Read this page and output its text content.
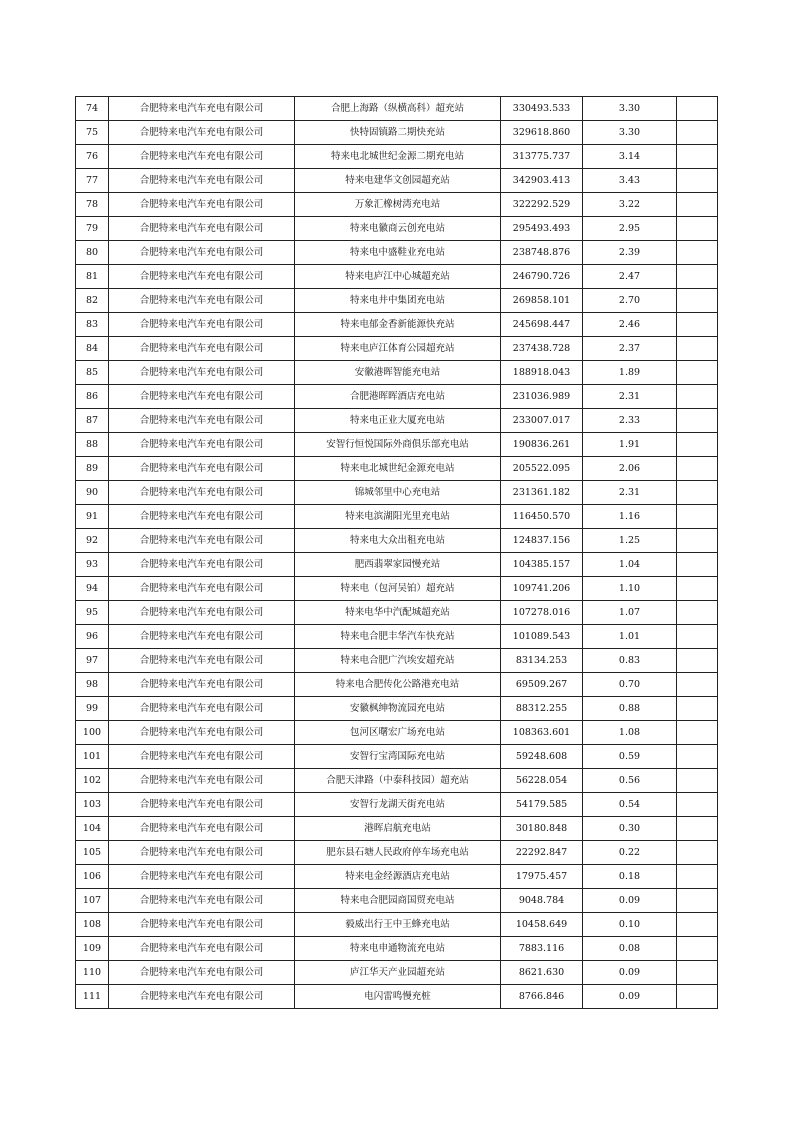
74	合肥特来电汽车充电有限公司	合肥上海路（纵横高科）超充站	330493.533	3.30	
75	合肥特来电汽车充电有限公司	快特固镇路二期快充站	329618.860	3.30	
76	合肥特来电汽车充电有限公司	特来电北城世纪金源二期充电站	313775.737	3.14	
77	合肥特来电汽车充电有限公司	特来电建华文创园超充站	342903.413	3.43	
78	合肥特来电汽车充电有限公司	万象汇橡树湾充电站	322292.529	3.22	
79	合肥特来电汽车充电有限公司	特来电徽商云创充电站	295493.493	2.95	
80	合肥特来电汽车充电有限公司	特来电中盛鞋业充电站	238748.876	2.39	
81	合肥特来电汽车充电有限公司	特来电庐江中心城超充站	246790.726	2.47	
82	合肥特来电汽车充电有限公司	特来电井中集团充电站	269858.101	2.70	
83	合肥特来电汽车充电有限公司	特来电郁金香新能源快充站	245698.447	2.46	
84	合肥特来电汽车充电有限公司	特来电庐江体育公园超充站	237438.728	2.37	
85	合肥特来电汽车充电有限公司	安徽港晖智能充电站	188918.043	1.89	
86	合肥特来电汽车充电有限公司	合肥港晖晖酒店充电站	231036.989	2.31	
87	合肥特来电汽车充电有限公司	特来电正业大厦充电站	233007.017	2.33	
88	合肥特来电汽车充电有限公司	安智行恒悦国际外商俱乐部充电站	190836.261	1.91	
89	合肥特来电汽车充电有限公司	特来电北城世纪金源充电站	205522.095	2.06	
90	合肥特来电汽车充电有限公司	锦城邻里中心充电站	231361.182	2.31	
91	合肥特来电汽车充电有限公司	特来电滨湖阳光里充电站	116450.570	1.16	
92	合肥特来电汽车充电有限公司	特来电大众出租充电站	124837.156	1.25	
93	合肥特来电汽车充电有限公司	肥西翡翠家园慢充站	104385.157	1.04	
94	合肥特来电汽车充电有限公司	特来电（包河吴铂）超充站	109741.206	1.10	
95	合肥特来电汽车充电有限公司	特来电华中汽配城超充站	107278.016	1.07	
96	合肥特来电汽车充电有限公司	特来电合肥丰华汽车快充站	101089.543	1.01	
97	合肥特来电汽车充电有限公司	特来电合肥广汽埃安超充站	83134.253	0.83	
98	合肥特来电汽车充电有限公司	特来电合肥传化公路港充电站	69509.267	0.70	
99	合肥特来电汽车充电有限公司	安徽枫绅物流园充电站	88312.255	0.88	
100	合肥特来电汽车充电有限公司	包河区曙宏广场充电站	108363.601	1.08	
101	合肥特来电汽车充电有限公司	安智行宝湾国际充电站	59248.608	0.59	
102	合肥特来电汽车充电有限公司	合肥天津路（中泰科技园）超充站	56228.054	0.56	
103	合肥特来电汽车充电有限公司	安智行龙湖天街充电站	54179.585	0.54	
104	合肥特来电汽车充电有限公司	港晖启航充电站	30180.848	0.30	
105	合肥特来电汽车充电有限公司	肥东县石塘人民政府停车场充电站	22292.847	0.22	
106	合肥特来电汽车充电有限公司	特来电金经源酒店充电站	17975.457	0.18	
107	合肥特来电汽车充电有限公司	特来电合肥园商国贸充电站	9048.784	0.09	
108	合肥特来电汽车充电有限公司	毅威出行王中王蜂充电站	10458.649	0.10	
109	合肥特来电汽车充电有限公司	特来电申通物流充电站	7883.116	0.08	
110	合肥特来电汽车充电有限公司	庐江华天产业园超充站	8621.630	0.09	
111	合肥特来电汽车充电有限公司	电闪雷鸣慢充桩	8766.846	0.09	
